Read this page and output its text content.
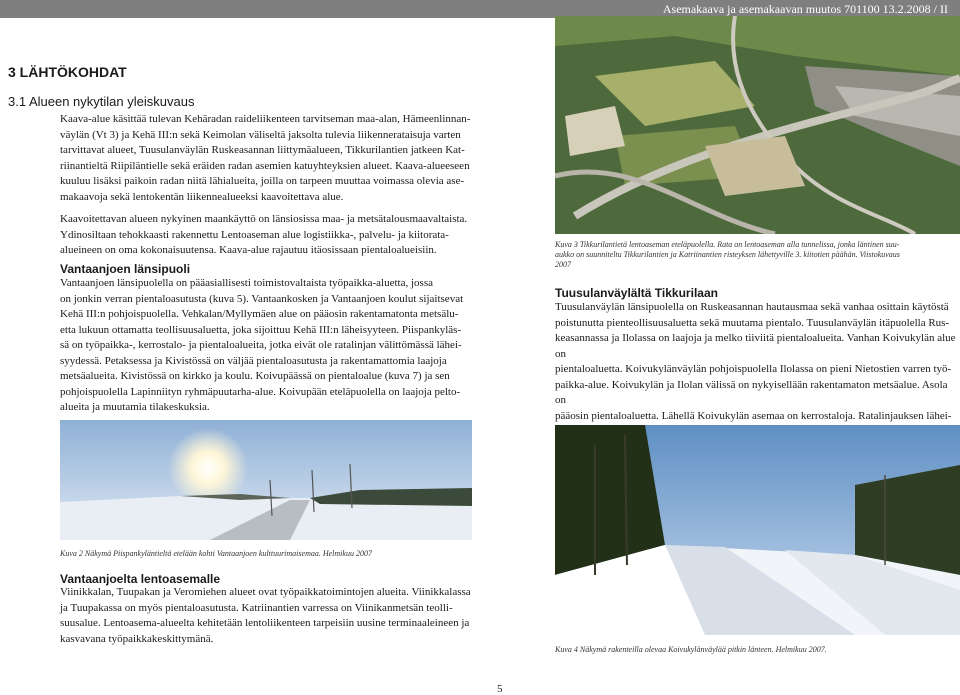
Asemakaava ja asemakaavan muutos 701100 13.2.2008 / II
3 LÄHTÖKOHDAT
3.1 Alueen nykytilan yleiskuvaus
Kaava-alue käsittää tulevan Kehäradan raideliikenteen tarvitseman maa-alan, Hämeenlinnan-
väylän (Vt 3) ja Kehä III:n sekä Keimolan väliseltä jaksolta tulevia liikennerataisuja varten
tarvittavat alueet, Tuusulanväylän Ruskeasannan liittymäalueen, Tikkurilantien jatkeen Kat-
riinantieltä Riipiläntielle sekä eräiden radan asemien katuyhteyksien alueet. Kaava-alueeseen
kuuluu lisäksi paikoin radan niitä lähialueita, joilla on tarpeen muuttaa voimassa olevia ase-
makaavoja sekä lentokentän liikennealueeksi kaavoitettava alue.
Kaavoitettavan alueen nykyinen maankäyttö on länsiosissa maa- ja metsätalousmaavaltaista.
Ydinosiltaan tehokkaasti rakennettu Lentoaseman alue logistiikka-, palvelu- ja kiitorata-
alueineen on oma kokonaisuutensa. Kaava-alue rajautuu itäosissaan pientaloalueisiin.
Vantaanjoen länsipuoli
Vantaanjoen länsipuolella on pääasiallisesti toimistovaltaista työpaikka-aluetta, jossa
on jonkin verran pientaloasutusta (kuva 5). Vantaankosken ja Vantaanjoen koulut sijaitsevat
Kehä III:n pohjoispuolella. Vehkalan/Myllymäen alue on pääosin rakentamatonta metsälu-
etta lukuun ottamatta teollisuusaluetta, joka sijoittuu Kehä III:n läheisyyteen. Piispankyläs-
sä on työpaikka-, kerrostalo- ja pientaloalueita, jotka eivät ole ratalinjan välittömässä lähei-
syydessä. Petaksessa ja Kivistössä on väljää pientaloasutusta ja rakentamattomia laajoja
metsäalueita. Kivistössä on kirkko ja koulu. Koivupäässä on pientaloalue (kuva 7) ja sen
pohjoispuolella Lapinniityn ryhmäpuutarha-alue. Koivupään eteläpuolella on laajoja pelto-
alueita ja muutamia tilakeskuksia.
Kuva 2 Näkymä Piispankyläntieltä etelään kohti Vantaanjoen kulttuurimaisemaa. Helmikuu 2007
Vantaanjoelta lentoasemalle
Viinikkalan, Tuupakan ja Veromiehen alueet ovat työpaikkatoimintojen alueita. Viinikkalassa
ja Tuupakassa on myös pientaloasutusta. Katriinantien varressa on Viinikanmetsän teolli-
suusalue. Lentoasema-alueelta kehitetään lentoliikenteen tarpeisiin uusine terminaaleineen ja
kasvavana työpaikkakeskittymänä.
Kuva 3 Tikkurilantietä lentoaseman eteläpuolella. Rata on lentoaseman alla tunnelissa, jonka läntinen suu-
aukko on suunniteltu Tikkurilantien ja Katriinantien risteyksen lähettyville 3. kiitotien päähän. Viistokuvaus
2007
Tuusulanväylältä Tikkurilaan
Tuusulanväylän länsipuolella on Ruskeasannan hautausmaa sekä vanhaa osittain käytöstä
poistunutta pienteollisuusaluetta sekä muutama pientalo. Tuusulanväylän itäpuolella Rus-
keasannassa ja Ilolassa on laajoja ja melko tiiviitä pientaloalueita. Vanhan Koivukylän alue on
pientaloaluetta. Koivukylänväylän pohjoispuolella Ilolassa on pieni Nietostien varren työ-
paikka-alue. Koivukylän ja Ilolan välissä on nykyisellään rakentamaton metsäalue. Asola on
pääosin pientaloaluetta. Lähellä Koivukylän asemaa on kerrostaloja. Ratalinjauksen lähei-
Kuva 4 Näkymä rakenteilla olevaa Koivukylänväylää pitkin länteen. Helmikuu 2007.
5
